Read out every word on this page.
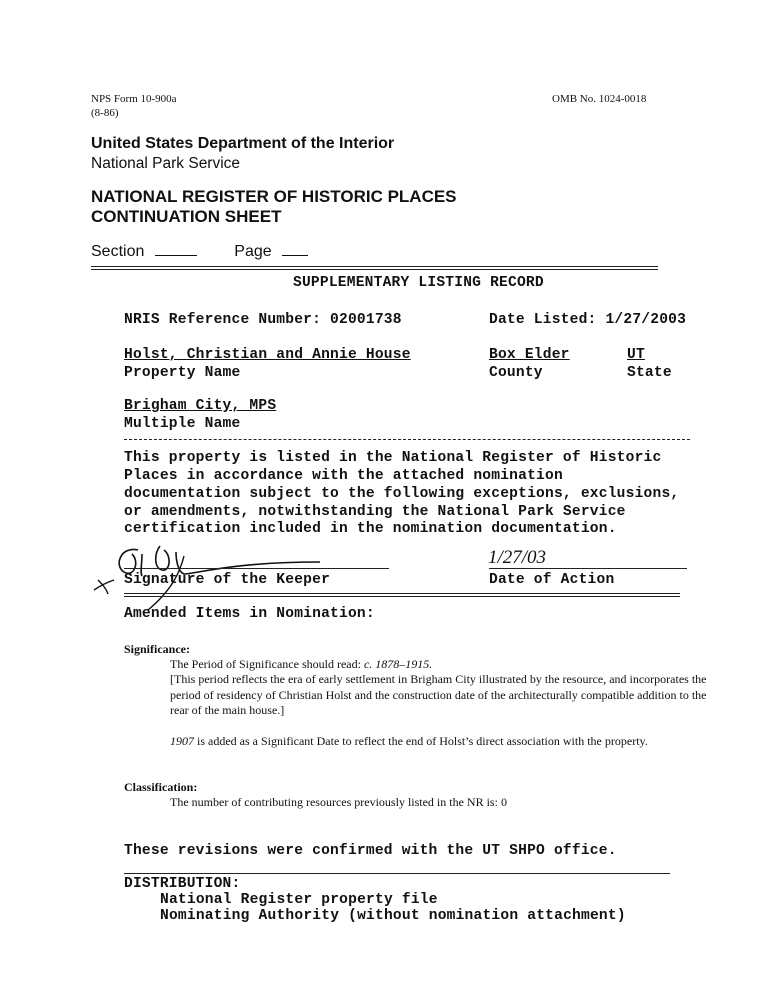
NPS Form 10-900a
(8-86)
OMB No. 1024-0018
United States Department of the Interior
National Park Service
NATIONAL REGISTER OF HISTORIC PLACES
CONTINUATION SHEET
Section	Page
SUPPLEMENTARY LISTING RECORD
NRIS Reference Number: 02001738	Date Listed: 1/27/2003
Holst, Christian and Annie House
Property Name
Box Elder
County
UT
State
Brigham City, MPS
Multiple Name
This property is listed in the National Register of Historic
Places in accordance with the attached nomination
documentation subject to the following exceptions, exclusions,
or amendments, notwithstanding the National Park Service
certification included in the nomination documentation.
Signature of the Keeper
1/27/03
Date of Action
Amended Items in Nomination:
Significance:
The Period of Significance should read: c. 1878–1915.
[This period reflects the era of early settlement in Brigham City illustrated by the resource, and incorporates the period of residency of Christian Holst and the construction date of the architecturally compatible addition to the rear of the main house.]
1907 is added as a Significant Date to reflect the end of Holst’s direct association with the property.
Classification:
The number of contributing resources previously listed in the NR is: 0
These revisions were confirmed with the UT SHPO office.
DISTRIBUTION:
National Register property file
Nominating Authority (without nomination attachment)
